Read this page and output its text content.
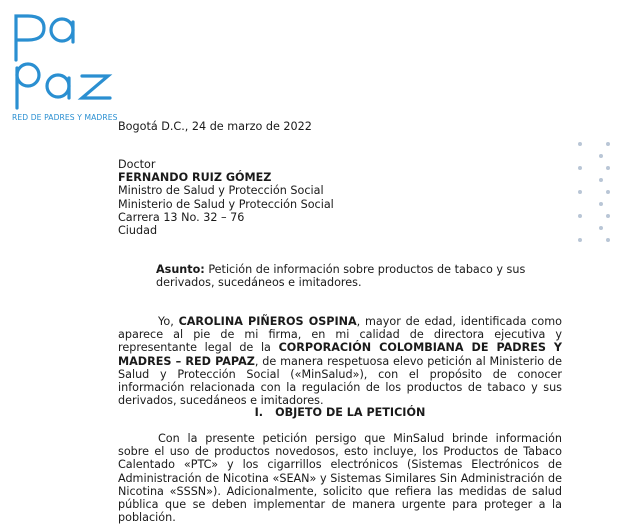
RED DE PADRES Y MADRES
Bogotá D.C., 24 de marzo de 2022

Doctor

FERNANDO RUIZ GÓMEZ

Ministro de Salud y Protección Social

Ministerio de Salud y Protección Social

Carrera 13 No. 32 – 76

Ciudad

Asunto: Petición de información sobre productos de tabaco y sus derivados, sucedáneos e imitadores.
Yo, CAROLINA PIÑEROS OSPINA, mayor de edad, identificada como aparece al pie de mi firma, en mi calidad de directora ejecutiva y representante legal de la CORPORACIÓN COLOMBIANA DE PADRES Y MADRES – RED PAPAZ, de manera respetuosa elevo petición al Ministerio de Salud y Protección Social («MinSalud»), con el propósito de conocer información relacionada con la regulación de los productos de tabaco y sus derivados, sucedáneos e imitadores.
I. OBJETO DE LA PETICIÓN
Con la presente petición persigo que MinSalud brinde información sobre el uso de productos novedosos, esto incluye, los Productos de Tabaco Calentado «PTC» y los cigarrillos electrónicos (Sistemas Electrónicos de Administración de Nicotina «SEAN» y Sistemas Similares Sin Administración de Nicotina «SSSN»). Adicionalmente, solicito que refiera las medidas de salud pública que se deben implementar de manera urgente para proteger a la población.
